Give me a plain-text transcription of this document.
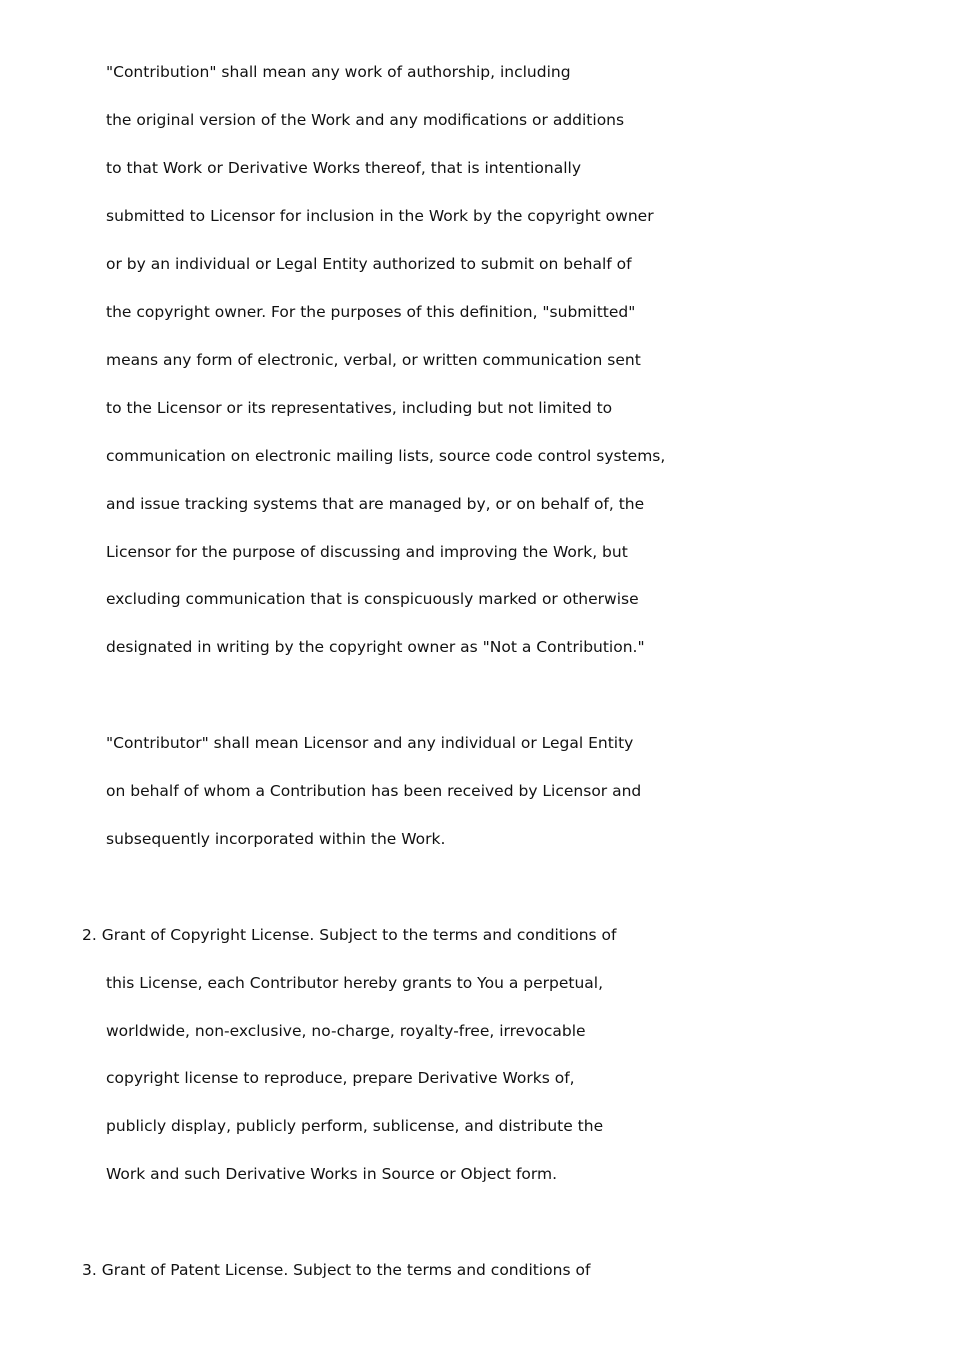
"Contribution" shall mean any work of authorship, including
the original version of the Work and any modifications or additions
to that Work or Derivative Works thereof, that is intentionally
submitted to Licensor for inclusion in the Work by the copyright owner
or by an individual or Legal Entity authorized to submit on behalf of
the copyright owner. For the purposes of this definition, "submitted"
means any form of electronic, verbal, or written communication sent
to the Licensor or its representatives, including but not limited to
communication on electronic mailing lists, source code control systems,
and issue tracking systems that are managed by, or on behalf of, the
Licensor for the purpose of discussing and improving the Work, but
excluding communication that is conspicuously marked or otherwise
designated in writing by the copyright owner as "Not a Contribution."
"Contributor" shall mean Licensor and any individual or Legal Entity
on behalf of whom a Contribution has been received by Licensor and
subsequently incorporated within the Work.
2. Grant of Copyright License. Subject to the terms and conditions of
this License, each Contributor hereby grants to You a perpetual,
worldwide, non-exclusive, no-charge, royalty-free, irrevocable
copyright license to reproduce, prepare Derivative Works of,
publicly display, publicly perform, sublicense, and distribute the
Work and such Derivative Works in Source or Object form.
3. Grant of Patent License. Subject to the terms and conditions of
